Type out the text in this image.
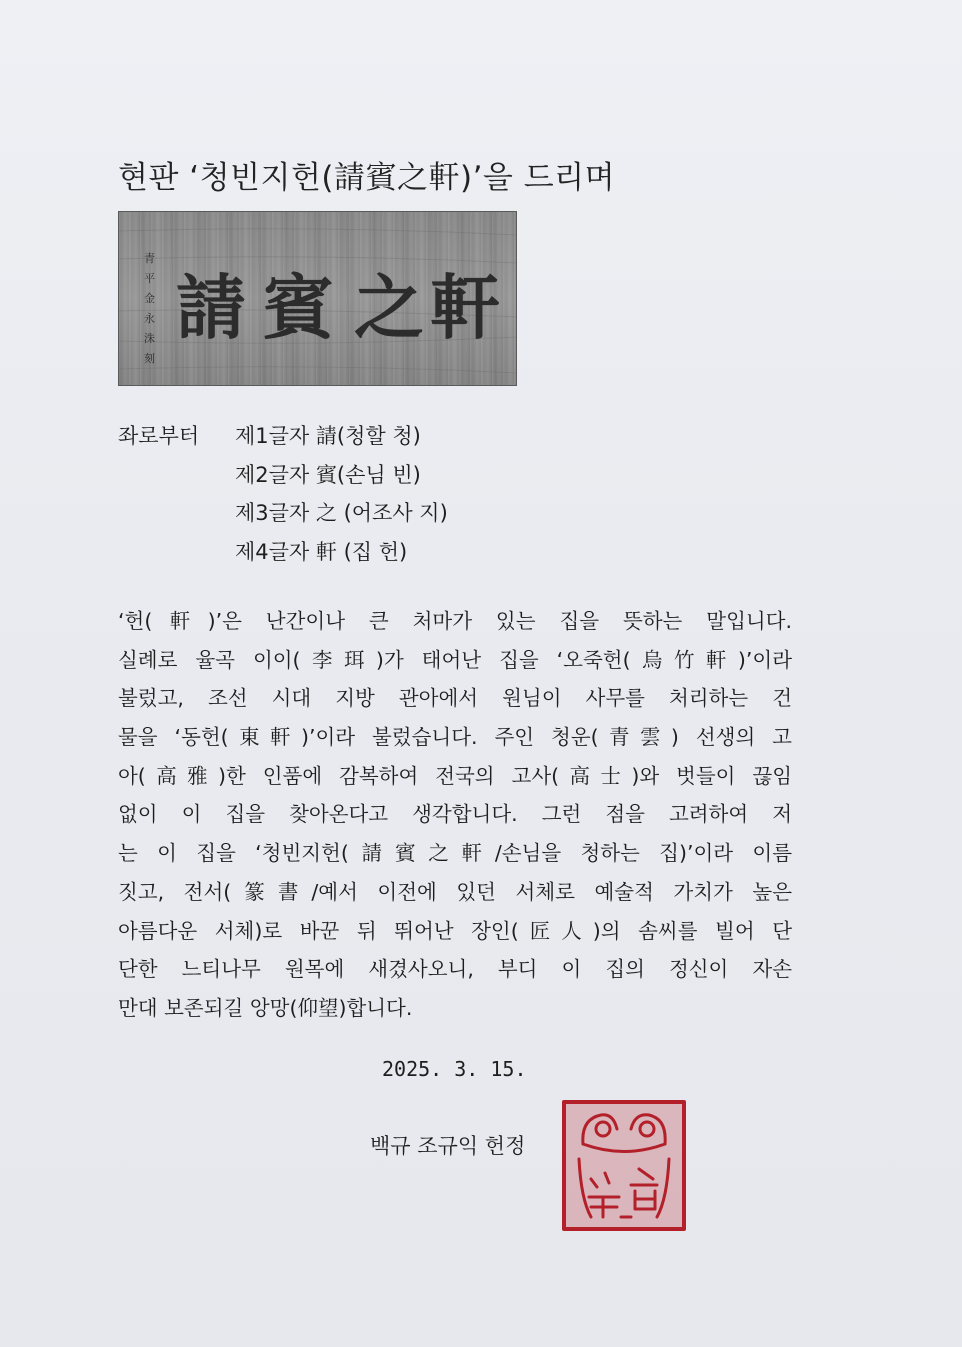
현판 ‘청빈지헌(請賓之軒)’을 드리며
青平金永洙刻
請 賓 之 軒
좌로부터 제1글자 請(청할 청)
제2글자 賓(손님 빈)
제3글자 之 (어조사 지)
제4글자 軒 (집 헌)
‘헌(軒)’은 난간이나 큰 처마가 있는 집을 뜻하는 말입니다.
실례로 율곡 이이(李珥)가 태어난 집을 ‘오죽헌(烏竹軒)’이라
불렀고, 조선 시대 지방 관아에서 원님이 사무를 처리하는 건
물을 ‘동헌(東軒)’이라 불렀습니다. 주인 청운(青雲) 선생의 고
아(高雅)한 인품에 감복하여 전국의 고사(高士)와 벗들이 끊임
없이 이 집을 찾아온다고 생각합니다. 그런 점을 고려하여 저
는 이 집을 ‘청빈지헌(請賓之軒/손님을 청하는 집)’이라 이름
짓고, 전서(篆書/예서 이전에 있던 서체로 예술적 가치가 높은
아름다운 서체)로 바꾼 뒤 뛰어난 장인(匠人)의 솜씨를 빌어 단
단한 느티나무 원목에 새겼사오니, 부디 이 집의 정신이 자손
만대 보존되길 앙망(仰望)합니다.
2025. 3. 15.
백규 조규익 헌정
